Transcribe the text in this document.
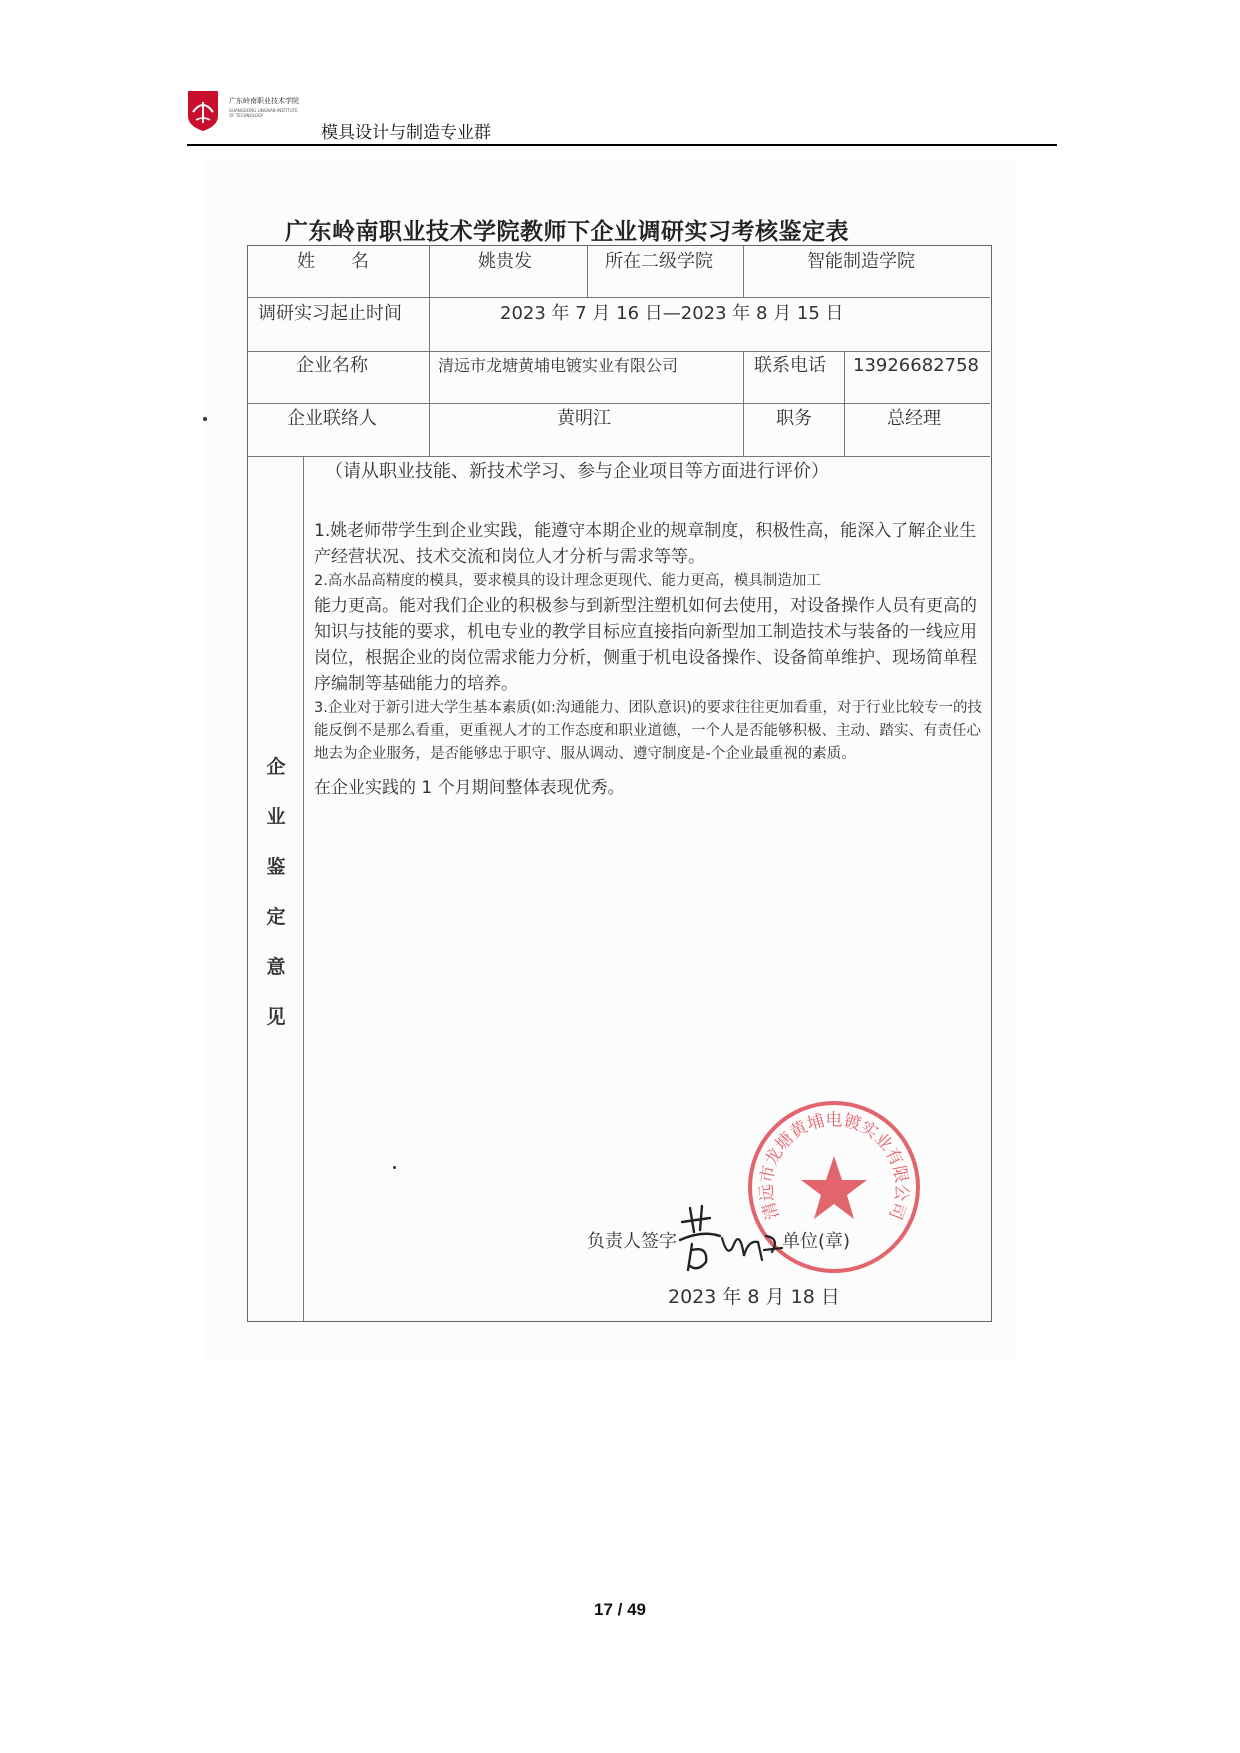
广东岭南职业技术学院
GUANGDONG LINGNAN INSTITUTE OF TECHNOLOGY
模具设计与制造专业群
广东岭南职业技术学院教师下企业调研实习考核鉴定表
姓　　名	姚贵发	所在二级学院	智能制造学院
调研实习起止时间	2023 年 7 月 16 日—2023 年 8 月 15 日
企业名称	清远市龙塘黄埔电镀实业有限公司	联系电话 13926682758
企业联络人	黄明江	职务	总经理
企
业
鉴
定
意
见
（请从职业技能、新技术学习、参与企业项目等方面进行评价）

1.姚老师带学生到企业实践，能遵守本期企业的规章制度，积极性高，能深入了解企业生产经营状况、技术交流和岗位人才分析与需求等等。

2.高水品高精度的模具，要求模具的设计理念更现代、能力更高，模具制造加工

能力更高。能对我们企业的积极参与到新型注塑机如何去使用，对设备操作人员有更高的知识与技能的要求，机电专业的教学目标应直接指向新型加工制造技术与装备的一线应用岗位，根据企业的岗位需求能力分析，侧重于机电设备操作、设备简单维护、现场简单程序编制等基础能力的培养。

3.企业对于新引进大学生基本素质(如:沟通能力、团队意识)的要求往往更加看重，对于行业比较专一的技能反倒不是那么看重，更重视人才的工作态度和职业道德，一个人是否能够积极、主动、踏实、有责任心地去为企业服务，是否能够忠于职守、服从调动、遵守制度是-个企业最重视的素质。

在企业实践的 1 个月期间整体表现优秀。

清远市龙塘黄埔电镀实业有限公司
负责人签字	单位(章)
2023 年 8 月 18 日
17 / 49
